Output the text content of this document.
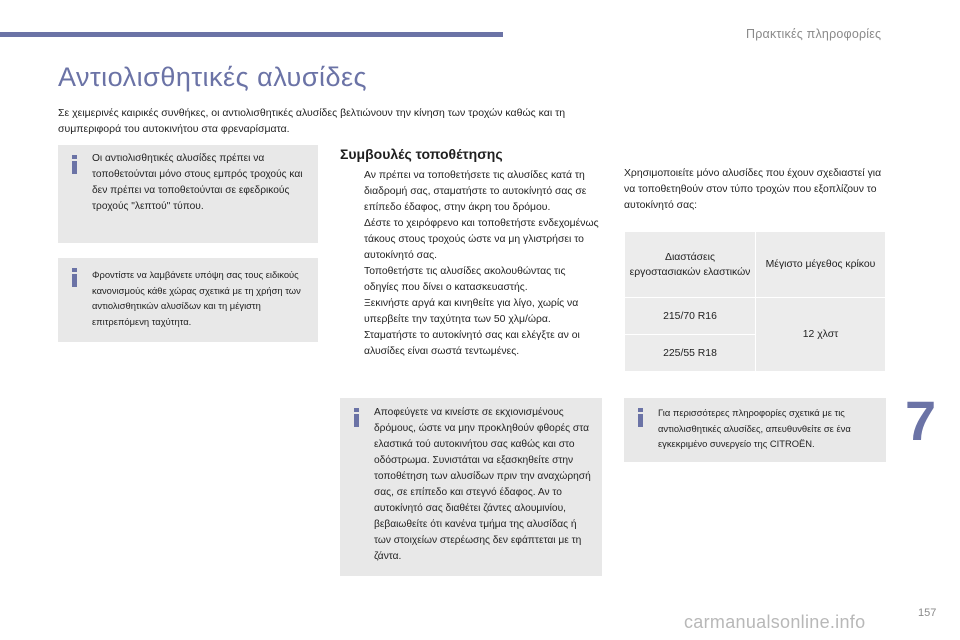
Πρακτικές πληροφορίες
Αντιολισθητικές αλυσίδες

Σε χειμερινές καιρικές συνθήκες, οι αντιολισθητικές αλυσίδες βελτιώνουν την κίνηση των τροχών καθώς και τη συμπεριφορά του αυτοκινήτου στα φρεναρίσματα.

Οι αντιολισθητικές αλυσίδες πρέπει να τοποθετούνται μόνο στους εμπρός τροχούς και δεν πρέπει να τοποθετούνται σε εφεδρικούς τροχούς "λεπτού" τύπου.

Φροντίστε να λαμβάνετε υπόψη σας τους ειδικούς κανονισμούς κάθε χώρας σχετικά με τη χρήση των αντιολισθητικών αλυσίδων και τη μέγιστη επιτρεπόμενη ταχύτητα.

Συμβουλές τοποθέτησης
Αν πρέπει να τοποθετήσετε τις αλυσίδες κατά τη διαδρομή σας, σταματήστε το αυτοκίνητό σας σε επίπεδο έδαφος, στην άκρη του δρόμου.
Δέστε το χειρόφρενο και τοποθετήστε ενδεχομένως τάκους στους τροχούς ώστε να μη γλιστρήσει το αυτοκίνητό σας.
Τοποθετήστε τις αλυσίδες ακολουθώντας τις οδηγίες που δίνει ο κατασκευαστής.
Ξεκινήστε αργά και κινηθείτε για λίγο, χωρίς να υπερβείτε την ταχύτητα των 50 χλμ/ώρα.
Σταματήστε το αυτοκίνητό σας και ελέγξτε αν οι αλυσίδες είναι σωστά τεντωμένες.

Αποφεύγετε να κινείστε σε εκχιονισμένους δρόμους, ώστε να μην προκληθούν φθορές στα ελαστικά τού αυτοκινήτου σας καθώς και στο οδόστρωμα. Συνιστάται να εξασκηθείτε στην τοποθέτηση των αλυσίδων πριν την αναχώρησή σας, σε επίπεδο και στεγνό έδαφος. Αν το αυτοκίνητό σας διαθέτει ζάντες αλουμινίου, βεβαιωθείτε ότι κανένα τμήμα της αλυσίδας ή των στοιχείων στερέωσης δεν εφάπτεται με τη ζάντα.

Χρησιμοποιείτε μόνο αλυσίδες που έχουν σχεδιαστεί για να τοποθετηθούν στον τύπο τροχών που εξοπλίζουν το αυτοκίνητό σας:

Διαστάσεις εργοστασιακών ελαστικών	Μέγιστο μέγεθος κρίκου
215/70 R16	12 χλστ
225/55 R18	

Για περισσότερες πληροφορίες σχετικά με τις αντιολισθητικές αλυσίδες, απευθυνθείτε σε ένα εγκεκριμένο συνεργείο της CITROËN.	7
carmanualsonline.info	157
